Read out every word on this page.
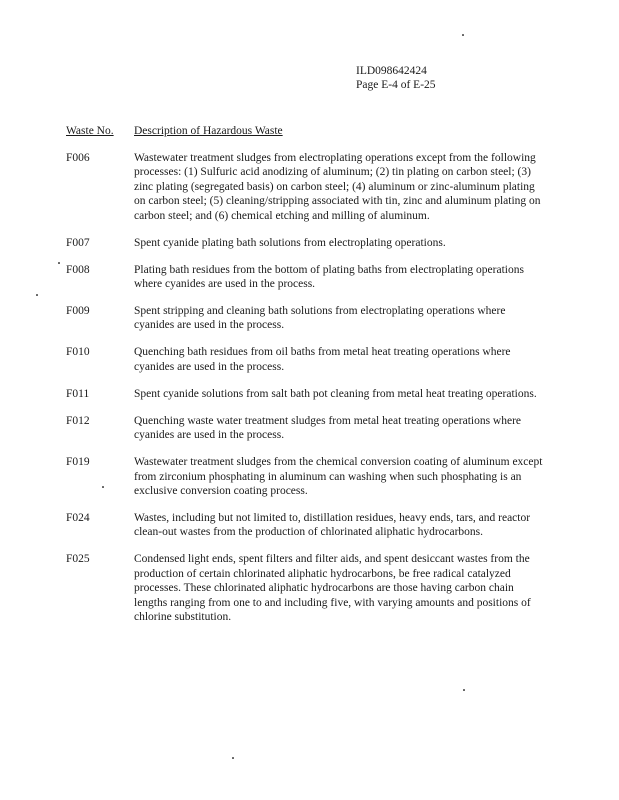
ILD098642424
Page E-4 of E-25
Waste No. Description of Hazardous Waste
F006	Wastewater treatment sludges from electroplating operations except from the following processes: (1) Sulfuric acid anodizing of aluminum; (2) tin plating on carbon steel; (3) zinc plating (segregated basis) on carbon steel; (4) aluminum or zinc-aluminum plating on carbon steel; (5) cleaning/stripping associated with tin, zinc and aluminum plating on carbon steel; and (6) chemical etching and milling of aluminum.
F007	Spent cyanide plating bath solutions from electroplating operations.
F008	Plating bath residues from the bottom of plating baths from electroplating operations where cyanides are used in the process.
F009	Spent stripping and cleaning bath solutions from electroplating operations where cyanides are used in the process.
F010	Quenching bath residues from oil baths from metal heat treating operations where cyanides are used in the process.
F011	Spent cyanide solutions from salt bath pot cleaning from metal heat treating operations.
F012	Quenching waste water treatment sludges from metal heat treating operations where cyanides are used in the process.
F019	Wastewater treatment sludges from the chemical conversion coating of aluminum except from zirconium phosphating in aluminum can washing when such phosphating is an exclusive conversion coating process.
F024	Wastes, including but not limited to, distillation residues, heavy ends, tars, and reactor clean-out wastes from the production of chlorinated aliphatic hydrocarbons.
F025	Condensed light ends, spent filters and filter aids, and spent desiccant wastes from the production of certain chlorinated aliphatic hydrocarbons, be free radical catalyzed processes. These chlorinated aliphatic hydrocarbons are those having carbon chain lengths ranging from one to and including five, with varying amounts and positions of chlorine substitution.
